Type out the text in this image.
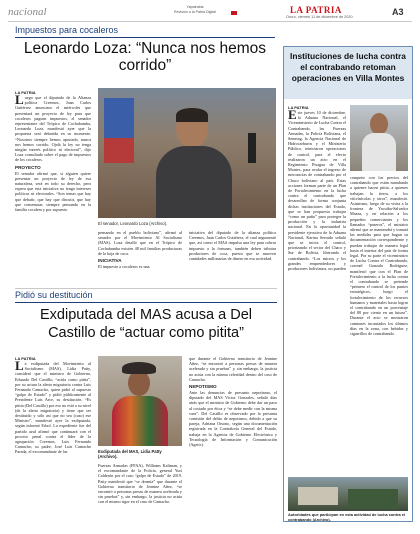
nacional	Yapatrabla
Revisión a la Patria Digital	LA PATRIA
Oruro, viernes 11 de diciembre de 2020	A3
Impuestos para cocaleros
Leonardo Loza: “Nunca nos hemos corrido”
LA PATRIA
Luego que el diputado de la Alianza política Creemos, Juan Carlos Gutiérrez anunciara el miércoles que presentará un proyecto de ley para que cocaleros paguen impuestos, el senador representante del Trópico de Cochabamba, Leonardo Loza, manifestó ayer que la propuesta será debatida en su momento. “Nosotros siempre hemos aportado, nunca nos hemos corrido. Ojalá la ley no tenga ningún interés político ni electoral”, dijo Loza consultado sobre el pago de impuestos de los cocaleros.
PROYECTO
El senador afirmó que, si alguien quiere presentar un proyecto de ley de esa naturaleza, será en todo su derecho, pero espera que esta iniciativa no tenga intereses políticos ni electorales. “Son temas que hay que debatir, que hay que discutir, que hay que consensuar, siempre pensando en la familia cocalera y por supuesto
El senador, Leonardo Loza (Archivo).
pensando en el pueblo boliviano”, afirmó al senador por el Movimiento Al Socialismo (MAS). Loza detalló que en el Trópico de Cochabamba existen 48 mil familias productoras de la hoja de coca.
INICIATIVA
El impuesto a cocaleros es una
iniciativa del diputado de la alianza política Creemos, Juan Carlos Gutiérrez, el cual argumentó que, así como el MAS impulsa una ley para cobrar impuesto a la fortunas, también deben tributar productores de coca, puesto que se mueven cantidades millonarias de dinero en esa actividad.
Instituciones de lucha contra el contrabando retoman operaciones en Villa Montes
LA PATRIA
Este jueves 10 de diciembre, la Aduana Nacional, el Viceministerio de Lucha Contra el Contrabando, las Fuerzas Armadas, la Policía Boliviana, el Senasag, la Agencia Nacional de Hidrocarburos y el Ministerio Público, reiniciaron operaciones de control, para el efecto realizaron un acto en el Regimiento Pisagua de Villa Montes, para avalar el ingreso de mercancías de contrabando por el Chaco boliviano al país. Estas acciones forman parte de un Plan de Fortalecimiento en la lucha contra el contrabando que desarrollan de forma conjunta dichas instituciones del Estado, que se han propuesto trabajar “como un puño” para proteger la producción y la industria nacional. En la oportunidad la presidente ejecutiva de la Aduana Nacional, Karina Serrudo señaló que se inicia el control, priorizando el sector del Chaco y Sur de Bolivia, liberando el contrabando. “Los micros y los grandes emprendedores y productores bolivianos, no pueden
competir con los precios del contrabando que están mandando a quienes hacen pitita, a quienes trabajan la tierra, a los vitivinícolas y otros”, manifestó. Asimismo, luego de su visita a la frontera de Yacuiba-Salvador Mazza, y en relación a los pequeños comerciantes y los llamados “paseros”, el ministro afirmó que se mantendrá y tomará las medidas para que hagan su documentación correspondiente y puedan trabajar de manera legal hasta el interior del país de forma legal. Por su parte el viceministro de Lucha Contra el Contrabando, coronel Gonzalo Rodríguez, manifestó que con el Plan de Fortalecimiento a la lucha contra el contrabando se pretende “primero el control de los puntos estratégicos, luego el fortalecimiento de los recursos humanos y materiales hasta lograr el contrabando en un porcentaje del 80 por ciento en un futuro”. Durante el acto se mostraron camiones incautados los últimos días en la zona, con bebidas y cigarrillos de contrabando.
Autoridades que participan en esta actividad de lucha contra el contrabando (Archivo).
Pidió su destitución
Exdiputada del MAS acusa a Del Castillo de “actuar como pitita”
LA PATRIA
La exdiputada del Movimiento al Socialismo (MAS), Lidia Patty, consideró que el ministro de Gobierno, Eduardo Del Castillo, “actúa como pitita”, por su actuar la alerta migratoria contra Luis Fernando Camacho, quien pidió al supuesto “golpe de Estado” y pidió públicamente al Presidente Luis Arce, su destitución. “Es pitita (Del Castillo) por eso no está a su nivel (de la alerta migratoria) y tiene que ser destituido y sólo así que no sea (caso) ese Ministro”, manifestó ayer la exdiputada, según informó Erbol. La expediente fue del partido azul afirmó que continuará con el proceso penal contra el líder de la agrupación Creemos, Luis Fernando Camacho; su padre, José Luis Camacho Parada, el excomandante de las	Exdiputada del MAS, Lidia Patty (Archivo).
Fuerzas Armadas (FFAA), Williams Kaliman, y el excomandante de la Policía, general Yuri Calderón por el caso “golpe de Estado” de 2019. Patty manifestó que “se dormía” que durante el Gobierno transitorio de Jeanine Añez, “se encontró a personas presas de manera acelerada y sin pruebas” y, sin embargo, la justicia no actúa con el mismo rigor en el caso de Camacho.
que durante el Gobierno transitorio de Jeanine Añez, “se encontró a personas presas de manera acelerada y sin pruebas” y, sin embargo, la justicia no actúa con la misma celeridad dentro del caso de Camacho.
NEPOTISMO
Ante las denuncias de presunto nepotismo, el diputado del MAS Víctor Gonzales, señaló días atrás que el ministro de Gobierno debe dar un paso al costado por ética y “se debe medir con la misma vara”. Del Castillo es observado por la presunta comisión del delito de nepotismo, debido a que su pareja, Adriana Orsono, según una documentación registrada en la Contraloría General del Estado, trabaja en la Agencia de Gobierno Electrónico y Tecnología de Información y Comunicación (Agetic).
